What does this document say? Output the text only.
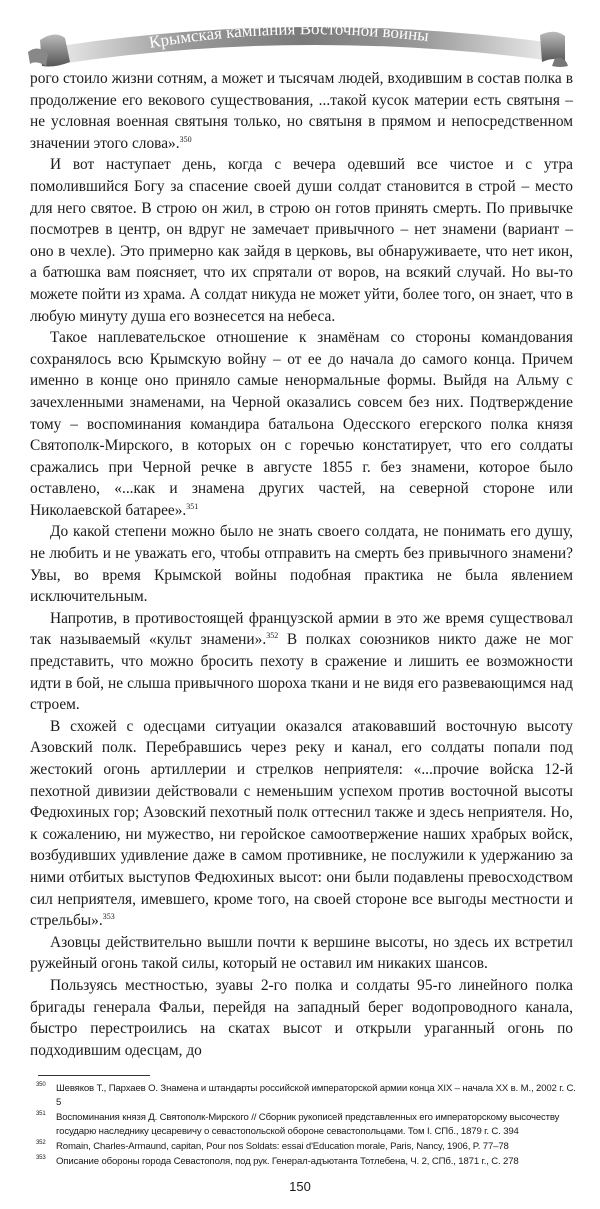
Крымская кампания Восточной войны

рого стоило жизни сотням, а может и тысячам людей, входившим в состав полка в продолжение его векового существования, ...такой кусок материи есть святыня – не условная военная святыня только, но святыня в прямом и непосредственном значении этого слова».$^{350}$

И вот наступает день, когда с вечера одевший все чистое и с утра помолившийся Богу за спасение своей души солдат становится в строй – место для него святое. В строю он жил, в строю он готов принять смерть. По привычке посмотрев в центр, он вдруг не замечает привычного – нет знамени (вариант – оно в чехле). Это примерно как зайдя в церковь, вы обнаруживаете, что нет икон, а батюшка вам поясняет, что их спрятали от воров, на всякий случай. Но вы-то можете пойти из храма. А солдат никуда не может уйти, более того, он знает, что в любую минуту душа его вознесется на небеса.

Такое наплевательское отношение к знамёнам со стороны командования сохранялось всю Крымскую войну – от ее до начала до самого конца. Причем именно в конце оно приняло самые ненормальные формы. Выйдя на Альму с зачехленными знаменами, на Черной оказались совсем без них. Подтверждение тому – воспоминания командира батальона Одесского егерского полка князя Святополк-Мирского, в которых он с горечью констатирует, что его солдаты сражались при Черной речке в августе 1855 г. без знамени, которое было оставлено, «...как и знамена других частей, на северной стороне или Николаевской батарее».$^{351}$

До какой степени можно было не знать своего солдата, не понимать его душу, не любить и не уважать его, чтобы отправить на смерть без привычного знамени? Увы, во время Крымской войны подобная практика не была явлением исключительным.

Напротив, в противостоящей французской армии в это же время существовал так называемый «культ знамени».$^{352}$ В полках союзников никто даже не мог представить, что можно бросить пехоту в сражение и лишить ее возможности идти в бой, не слыша привычного шороха ткани и не видя его развевающимся над строем.

В схожей с одесцами ситуации оказался атаковавший восточную высоту Азовский полк. Перебравшись через реку и канал, его солдаты попали под жестокий огонь артиллерии и стрелков неприятеля: «...прочие войска 12-й пехотной дивизии действовали с неменьшим успехом против восточной высоты Федюхиных гор; Азовский пехотный полк оттеснил также и здесь неприятеля. Но, к сожалению, ни мужество, ни геройское самоотвержение наших храбрых войск, возбудивших удивление даже в самом противнике, не послужили к удержанию за ними отбитых выступов Федюхиных высот: они были подавлены превосходством сил неприятеля, имевшего, кроме того, на своей стороне все выгоды местности и стрельбы».$^{353}$

Азовцы действительно вышли почти к вершине высоты, но здесь их встретил ружейный огонь такой силы, который не оставил им никаких шансов.

Пользуясь местностью, зуавы 2-го полка и солдаты 95-го линейного полка бригады генерала Фальи, перейдя на западный берег водопроводного канала, быстро перестроились на скатах высот и открыли ураганный огонь по подходившим одесцам, до

350 Шевяков Т., Пархаев О. Знамена и штандарты российской императорской армии конца XIX – начала XX в. М., 2002 г. С. 5
351 Воспоминания князя Д. Святополк-Мирского // Сборник рукописей представленных его императорскому высочеству государю наследнику цесаревичу о севастопольской обороне севастопольцами. Том I. СПб., 1879 г. С. 394
352 Romain, Charles-Armaund, capitan, Pour nos Soldats: essai d'Education morale, Paris, Nancy, 1906, P. 77–78
353 Описание обороны города Севастополя, под рук. Генерал-адъютанта Тотлебена, Ч. 2, СПб., 1871 г., С. 278
150
